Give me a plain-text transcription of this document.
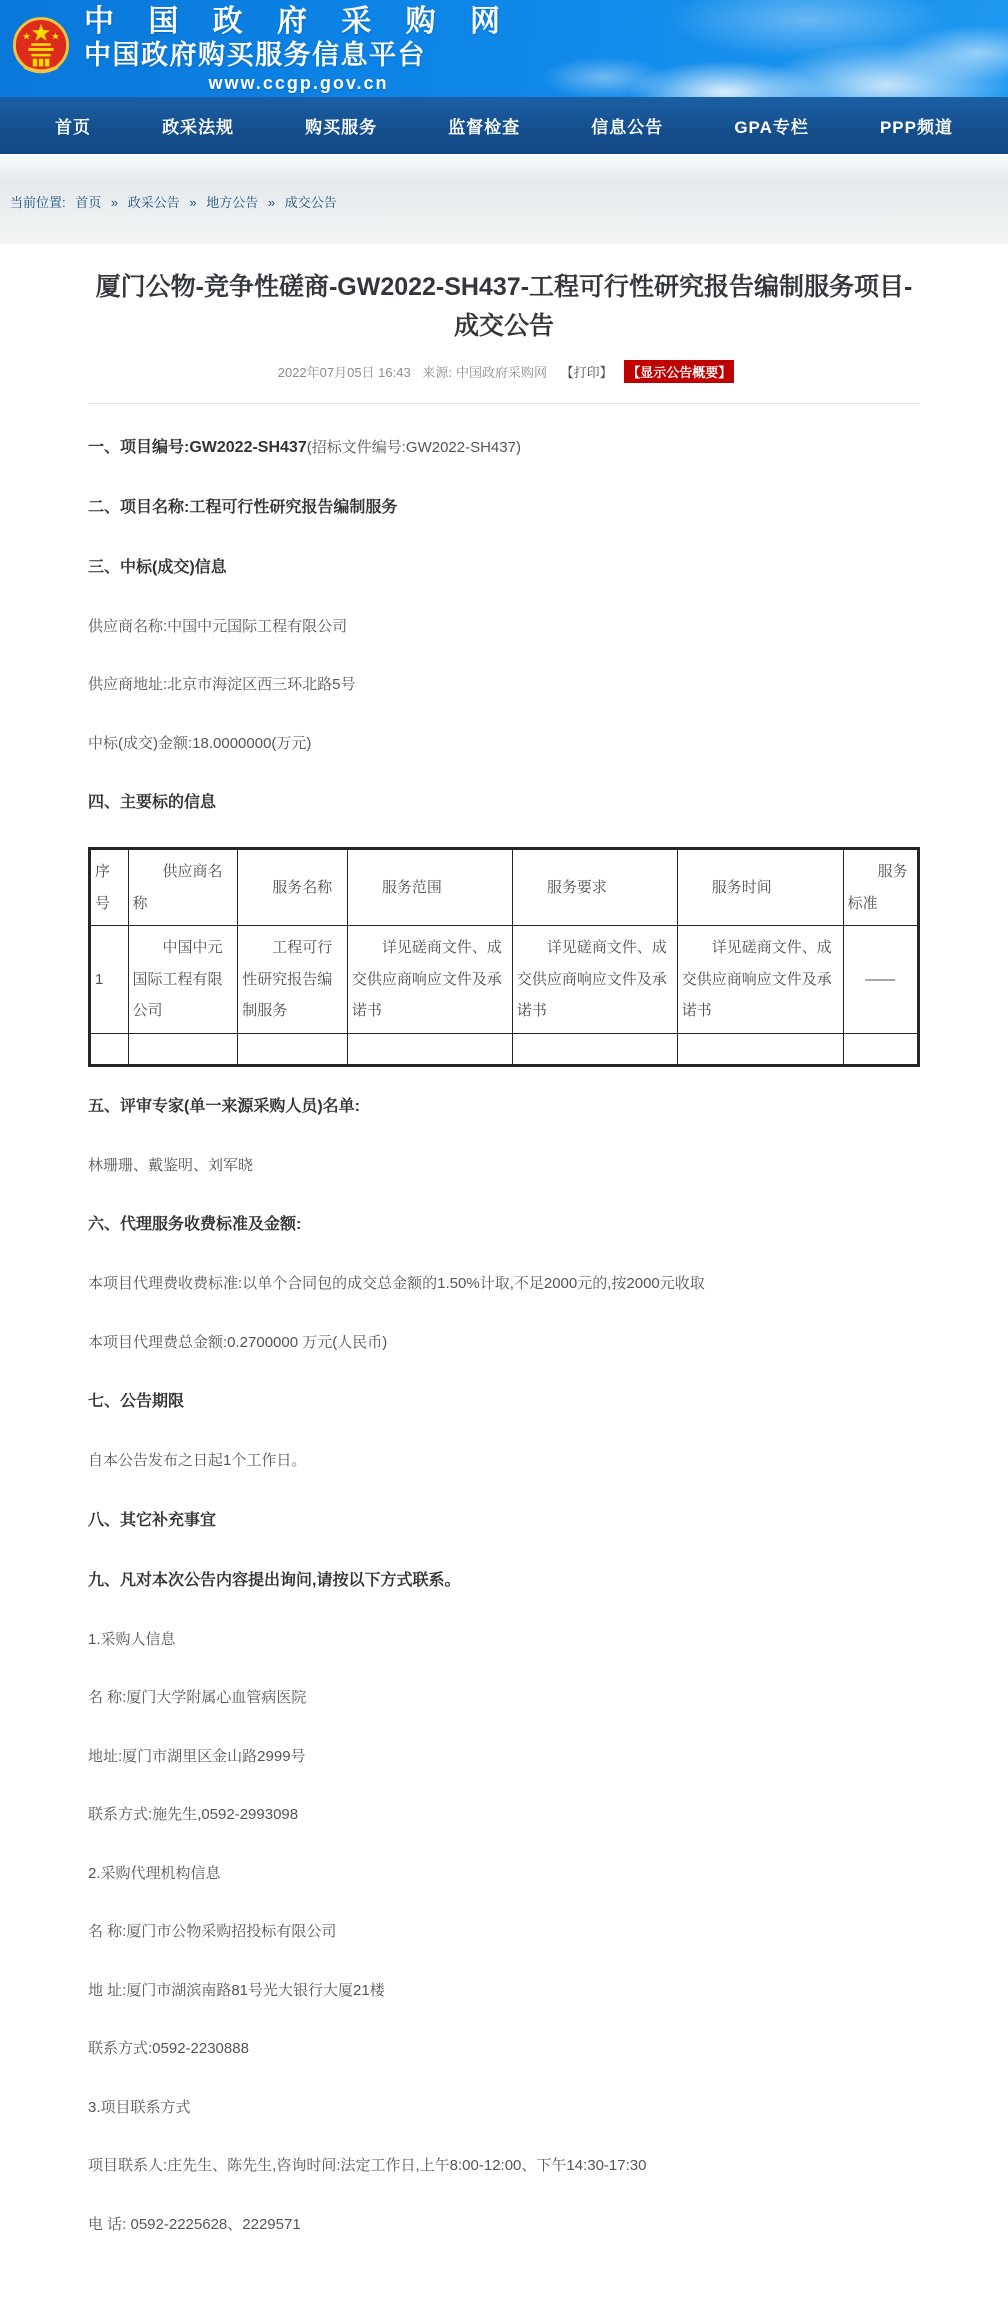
中 国 政 府 采 购 网
中国政府购买服务信息平台
www.ccgp.gov.cn
首页	政采法规	购买服务	监督检查	信息公告	GPA专栏	PPP频道
当前位置: 首页 » 政采公告 » 地方公告 » 成交公告
厦门公物-竞争性磋商-GW2022-SH437-工程可行性研究报告编制服务项目-成交公告
2022年07月05日 16:43 来源: 中国政府采购网 【打印】 【显示公告概要】

一、项目编号:GW2022-SH437(招标文件编号:GW2022-SH437)

二、项目名称:工程可行性研究报告编制服务

三、中标(成交)信息

供应商名称:中国中元国际工程有限公司

供应商地址:北京市海淀区西三环北路5号

中标(成交)金额:18.0000000(万元)

四、主要标的信息

序号	供应商名称	服务名称	服务范围	服务要求	服务时间	服务标准
1	中国中元国际工程有限公司	工程可行性研究报告编制服务	详见磋商文件、成交供应商响应文件及承诺书	详见磋商文件、成交供应商响应文件及承诺书	详见磋商文件、成交供应商响应文件及承诺书	——

五、评审专家(单一来源采购人员)名单:

林珊珊、戴鉴明、刘军晓

六、代理服务收费标准及金额:

本项目代理费收费标准:以单个合同包的成交总金额的1.50%计取,不足2000元的,按2000元收取

本项目代理费总金额:0.2700000 万元(人民币)

七、公告期限

自本公告发布之日起1个工作日。

八、其它补充事宜

九、凡对本次公告内容提出询问,请按以下方式联系。

1.采购人信息

名 称:厦门大学附属心血管病医院

地址:厦门市湖里区金山路2999号

联系方式:施先生,0592-2993098

2.采购代理机构信息

名 称:厦门市公物采购招投标有限公司

地 址:厦门市湖滨南路81号光大银行大厦21楼

联系方式:0592-2230888

3.项目联系方式

项目联系人:庄先生、陈先生,咨询时间:法定工作日,上午8:00-12:00、下午14:30-17:30

电 话: 0592-2225628、2229571
